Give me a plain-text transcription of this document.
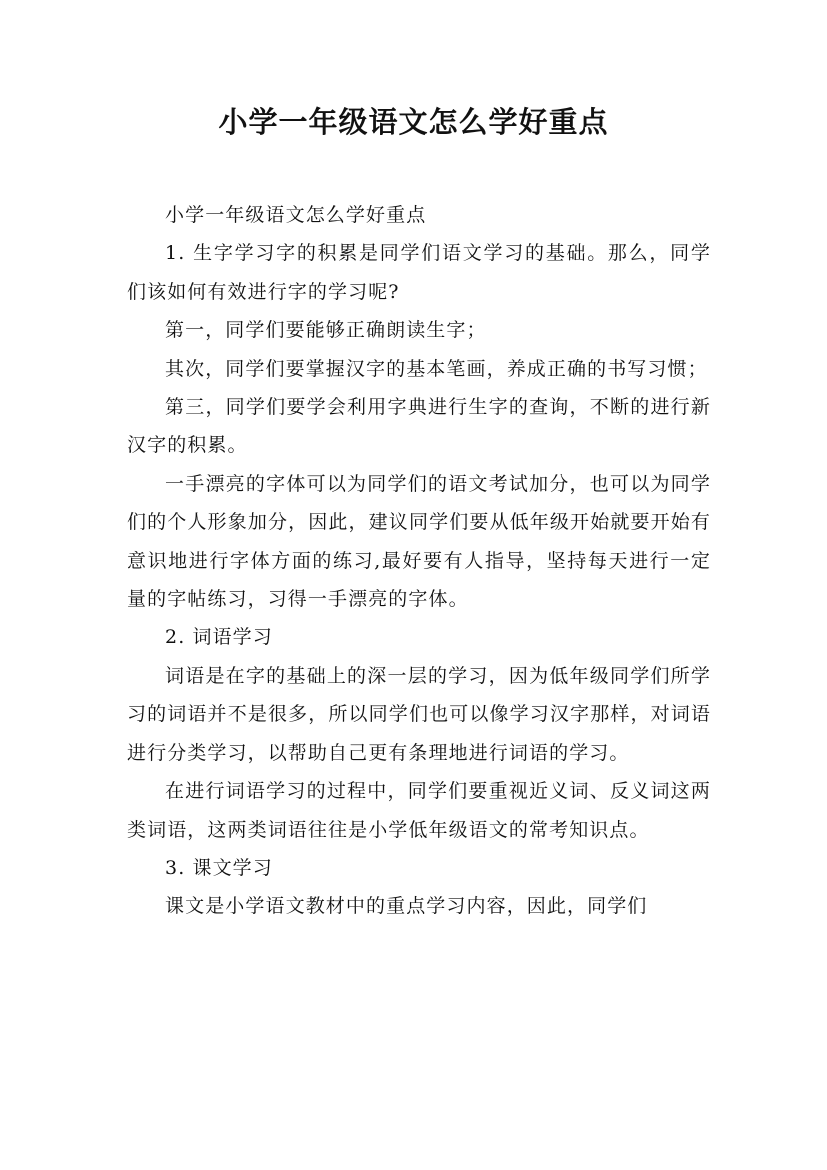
小学一年级语文怎么学好重点

小学一年级语文怎么学好重点

1. 生字学习字的积累是同学们语文学习的基础。那么，同学们该如何有效进行字的学习呢?

第一，同学们要能够正确朗读生字；

其次，同学们要掌握汉字的基本笔画，养成正确的书写习惯；

第三，同学们要学会利用字典进行生字的查询，不断的进行新汉字的积累。

一手漂亮的字体可以为同学们的语文考试加分，也可以为同学们的个人形象加分，因此，建议同学们要从低年级开始就要开始有意识地进行字体方面的练习,最好要有人指导，坚持每天进行一定量的字帖练习，习得一手漂亮的字体。

2. 词语学习

词语是在字的基础上的深一层的学习，因为低年级同学们所学习的词语并不是很多，所以同学们也可以像学习汉字那样，对词语进行分类学习，以帮助自己更有条理地进行词语的学习。

在进行词语学习的过程中，同学们要重视近义词、反义词这两类词语，这两类词语往往是小学低年级语文的常考知识点。

3. 课文学习

课文是小学语文教材中的重点学习内容，因此，同学们
